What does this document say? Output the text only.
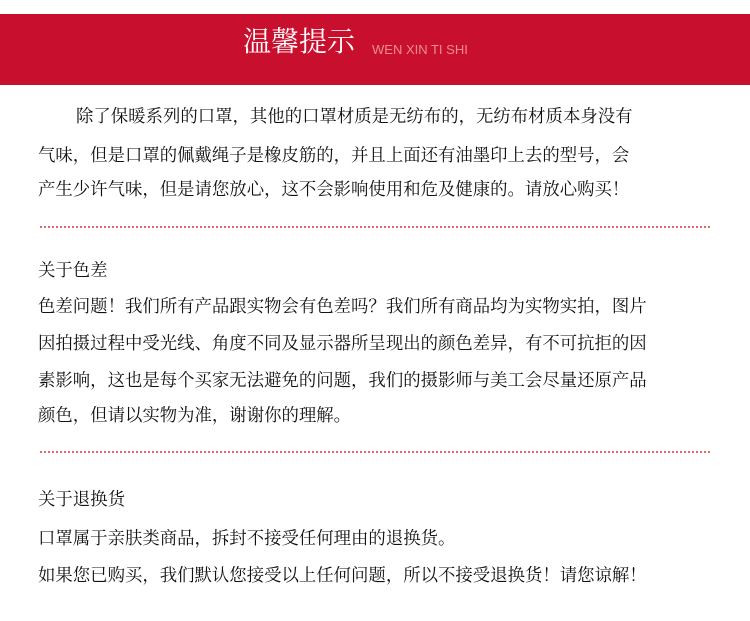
温馨提示 WEN XIN TI SHI
除了保暖系列的口罩，其他的口罩材质是无纺布的，无纺布材质本身没有
气味，但是口罩的佩戴绳子是橡皮筋的，并且上面还有油墨印上去的型号，会
产生少许气味，但是请您放心，这不会影响使用和危及健康的。请放心购买！
关于色差
色差问题！我们所有产品跟实物会有色差吗？我们所有商品均为实物实拍，图片
因拍摄过程中受光线、角度不同及显示器所呈现出的颜色差异，有不可抗拒的因
素影响，这也是每个买家无法避免的问题，我们的摄影师与美工会尽量还原产品
颜色，但请以实物为准，谢谢你的理解。
关于退换货
口罩属于亲肤类商品，拆封不接受任何理由的退换货。
如果您已购买，我们默认您接受以上任何问题，所以不接受退换货！请您谅解！
